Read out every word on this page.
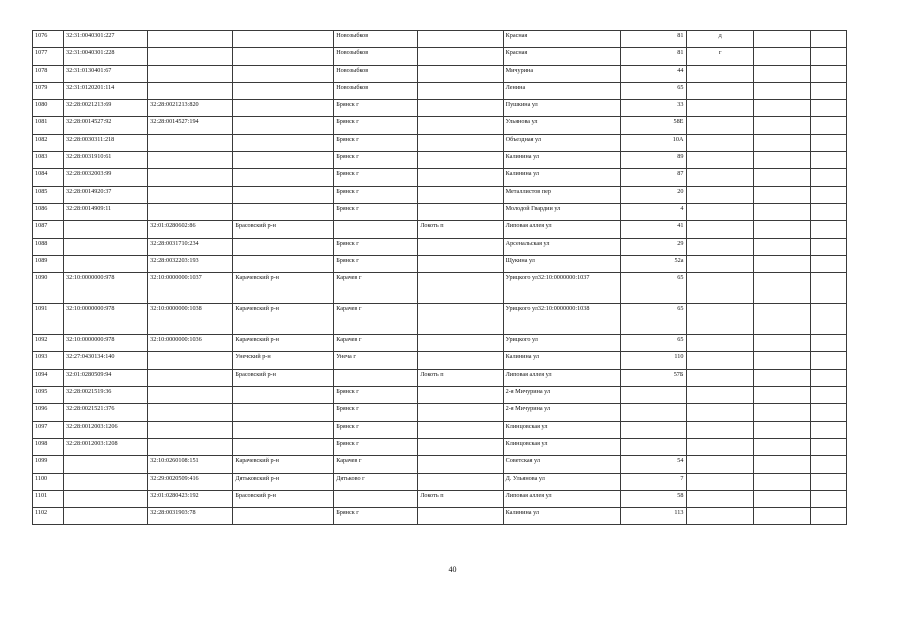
1076	32:31:0040301:227			Новозыбков		Красная	81	д		
1077	32:31:0040301:228			Новозыбков		Красная	81	г		
1078	32:31:0130401:67			Новозыбков		Мичурина	44			
1079	32:31:0120201:114			Новозыбков		Ленина	65			
1080	32:28:0021213:69	32:28:0021213:820		Брянск г		Пушкина ул	33			
1081	32:28:0014527:92	32:28:0014527:194		Брянск г		Ульянова ул	58Е			
1082	32:28:0030311:218			Брянск г		Объездная ул	10А			
1083	32:28:0031910:61			Брянск г		Калинина ул	89			
1084	32:28:0032003:99			Брянск г		Калинина ул	87			
1085	32:28:0014920:37			Брянск г		Металлистов пер	20			
1086	32:28:0014909:11			Брянск г		Молодой Гвардии ул	4			
1087		32:01:0280602:86	Брасовский р-н		Локоть п	Липовая аллея ул	41			
1088		32:28:0031710:234		Брянск г		Арсенальская ул	29			
1089		32:28:0032203:193		Брянск г		Щукина ул	52а			
1090	32:10:0000000:978	32:10:0000000:1037	Карачевский р-н	Карачев г		Урицкого ул32:10:0000000:1037	65			
1091	32:10:0000000:978	32:10:0000000:1038	Карачевский р-н	Карачев г		Урицкого ул32:10:0000000:1038	65			
1092	32:10:0000000:978	32:10:0000000:1036	Карачевский р-н	Карачев г		Урицкого ул	65			
1093	32:27:0430134:140		Унечский р-н	Унеча г		Калинина ул	110			
1094	32:01:0280509:94		Брасовский р-н		Локоть п	Липовая аллея ул	57Б			
1095	32:28:0021519:36			Брянск г		2-я Мичурина ул				
1096	32:28:0021521:376			Брянск г		2-я Мичурина ул				
1097	32:28:0012003:1206			Брянск г		Клинцовская ул				
1098	32:28:0012003:1208			Брянск г		Клинцовская ул				
1099		32:10:0260108:151	Карачевский р-н	Карачев г		Советская ул	54			
1100		32:29:0020509:416	Дятьковский р-н	Дятьково г		Д. Ульянова ул	7			
1101		32:01:0280423:192	Брасовский р-н		Локоть п	Липовая аллея ул	58			
1102		32:28:0031903:78		Брянск г		Калинина ул	113			
40
